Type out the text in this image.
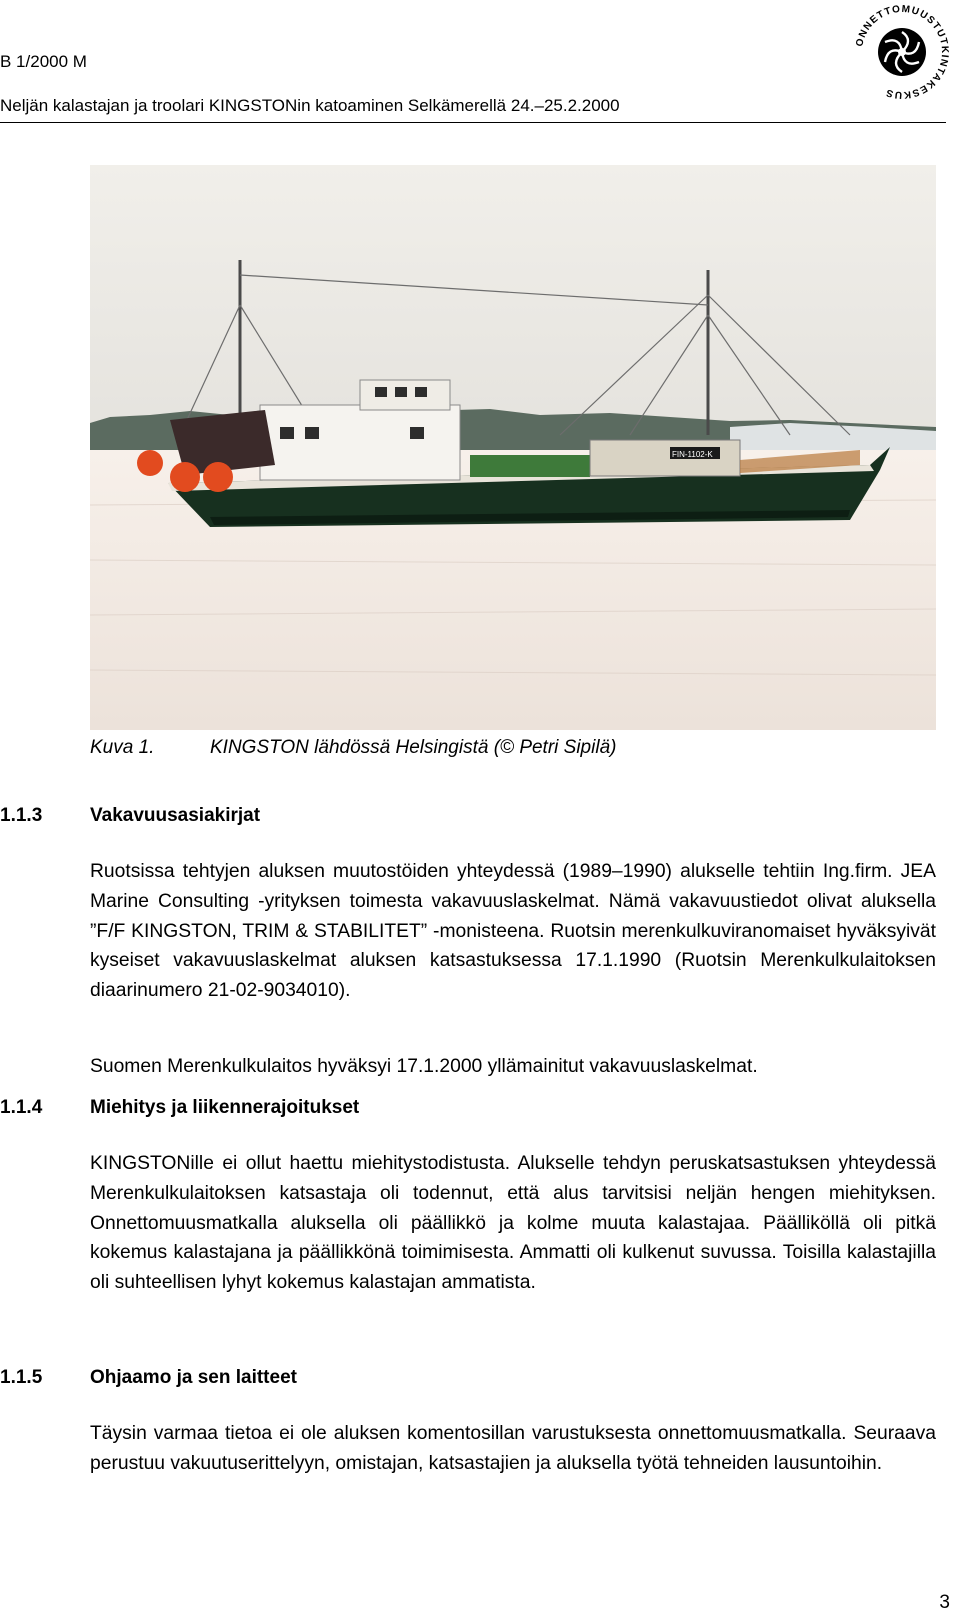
B 1/2000 M
Neljän kalastajan ja troolari KINGSTONin katoaminen Selkämerellä 24.–25.2.2000
ONNETTOMUUSTUTKINTAKESKUS
FIN-1102-K
Kuva 1.	KINGSTON lähdössä Helsingistä (© Petri Sipilä)
1.1.3	Vakavuusasiakirjat
Ruotsissa tehtyjen aluksen muutostöiden yhteydessä (1989–1990) alukselle tehtiin Ing.firm. JEA Marine Consulting -yrityksen toimesta vakavuuslaskelmat. Nämä vakavuustiedot olivat aluksella ”F/F KINGSTON, TRIM & STABILITET” -monisteena. Ruotsin merenkulkuviranomaiset hyväksyivät kyseiset vakavuuslaskelmat aluksen katsastuksessa 17.1.1990 (Ruotsin Merenkulkulaitoksen diaarinumero 21-02-9034010).
Suomen Merenkulkulaitos hyväksyi 17.1.2000 yllämainitut vakavuuslaskelmat.
1.1.4	Miehitys ja liikennerajoitukset
KINGSTONille ei ollut haettu miehitystodistusta. Alukselle tehdyn peruskatsastuksen yhteydessä Merenkulkulaitoksen katsastaja oli todennut, että alus tarvitsisi neljän hengen miehityksen. Onnettomuusmatkalla aluksella oli päällikkö ja kolme muuta kalastajaa. Päälliköllä oli pitkä kokemus kalastajana ja päällikkönä toimimisesta. Ammatti oli kulkenut suvussa. Toisilla kalastajilla oli suhteellisen lyhyt kokemus kalastajan ammatista.
1.1.5	Ohjaamo ja sen laitteet
Täysin varmaa tietoa ei ole aluksen komentosillan varustuksesta onnettomuusmatkalla. Seuraava perustuu vakuutuserittelyyn, omistajan, katsastajien ja aluksella työtä tehneiden lausuntoihin.
3
